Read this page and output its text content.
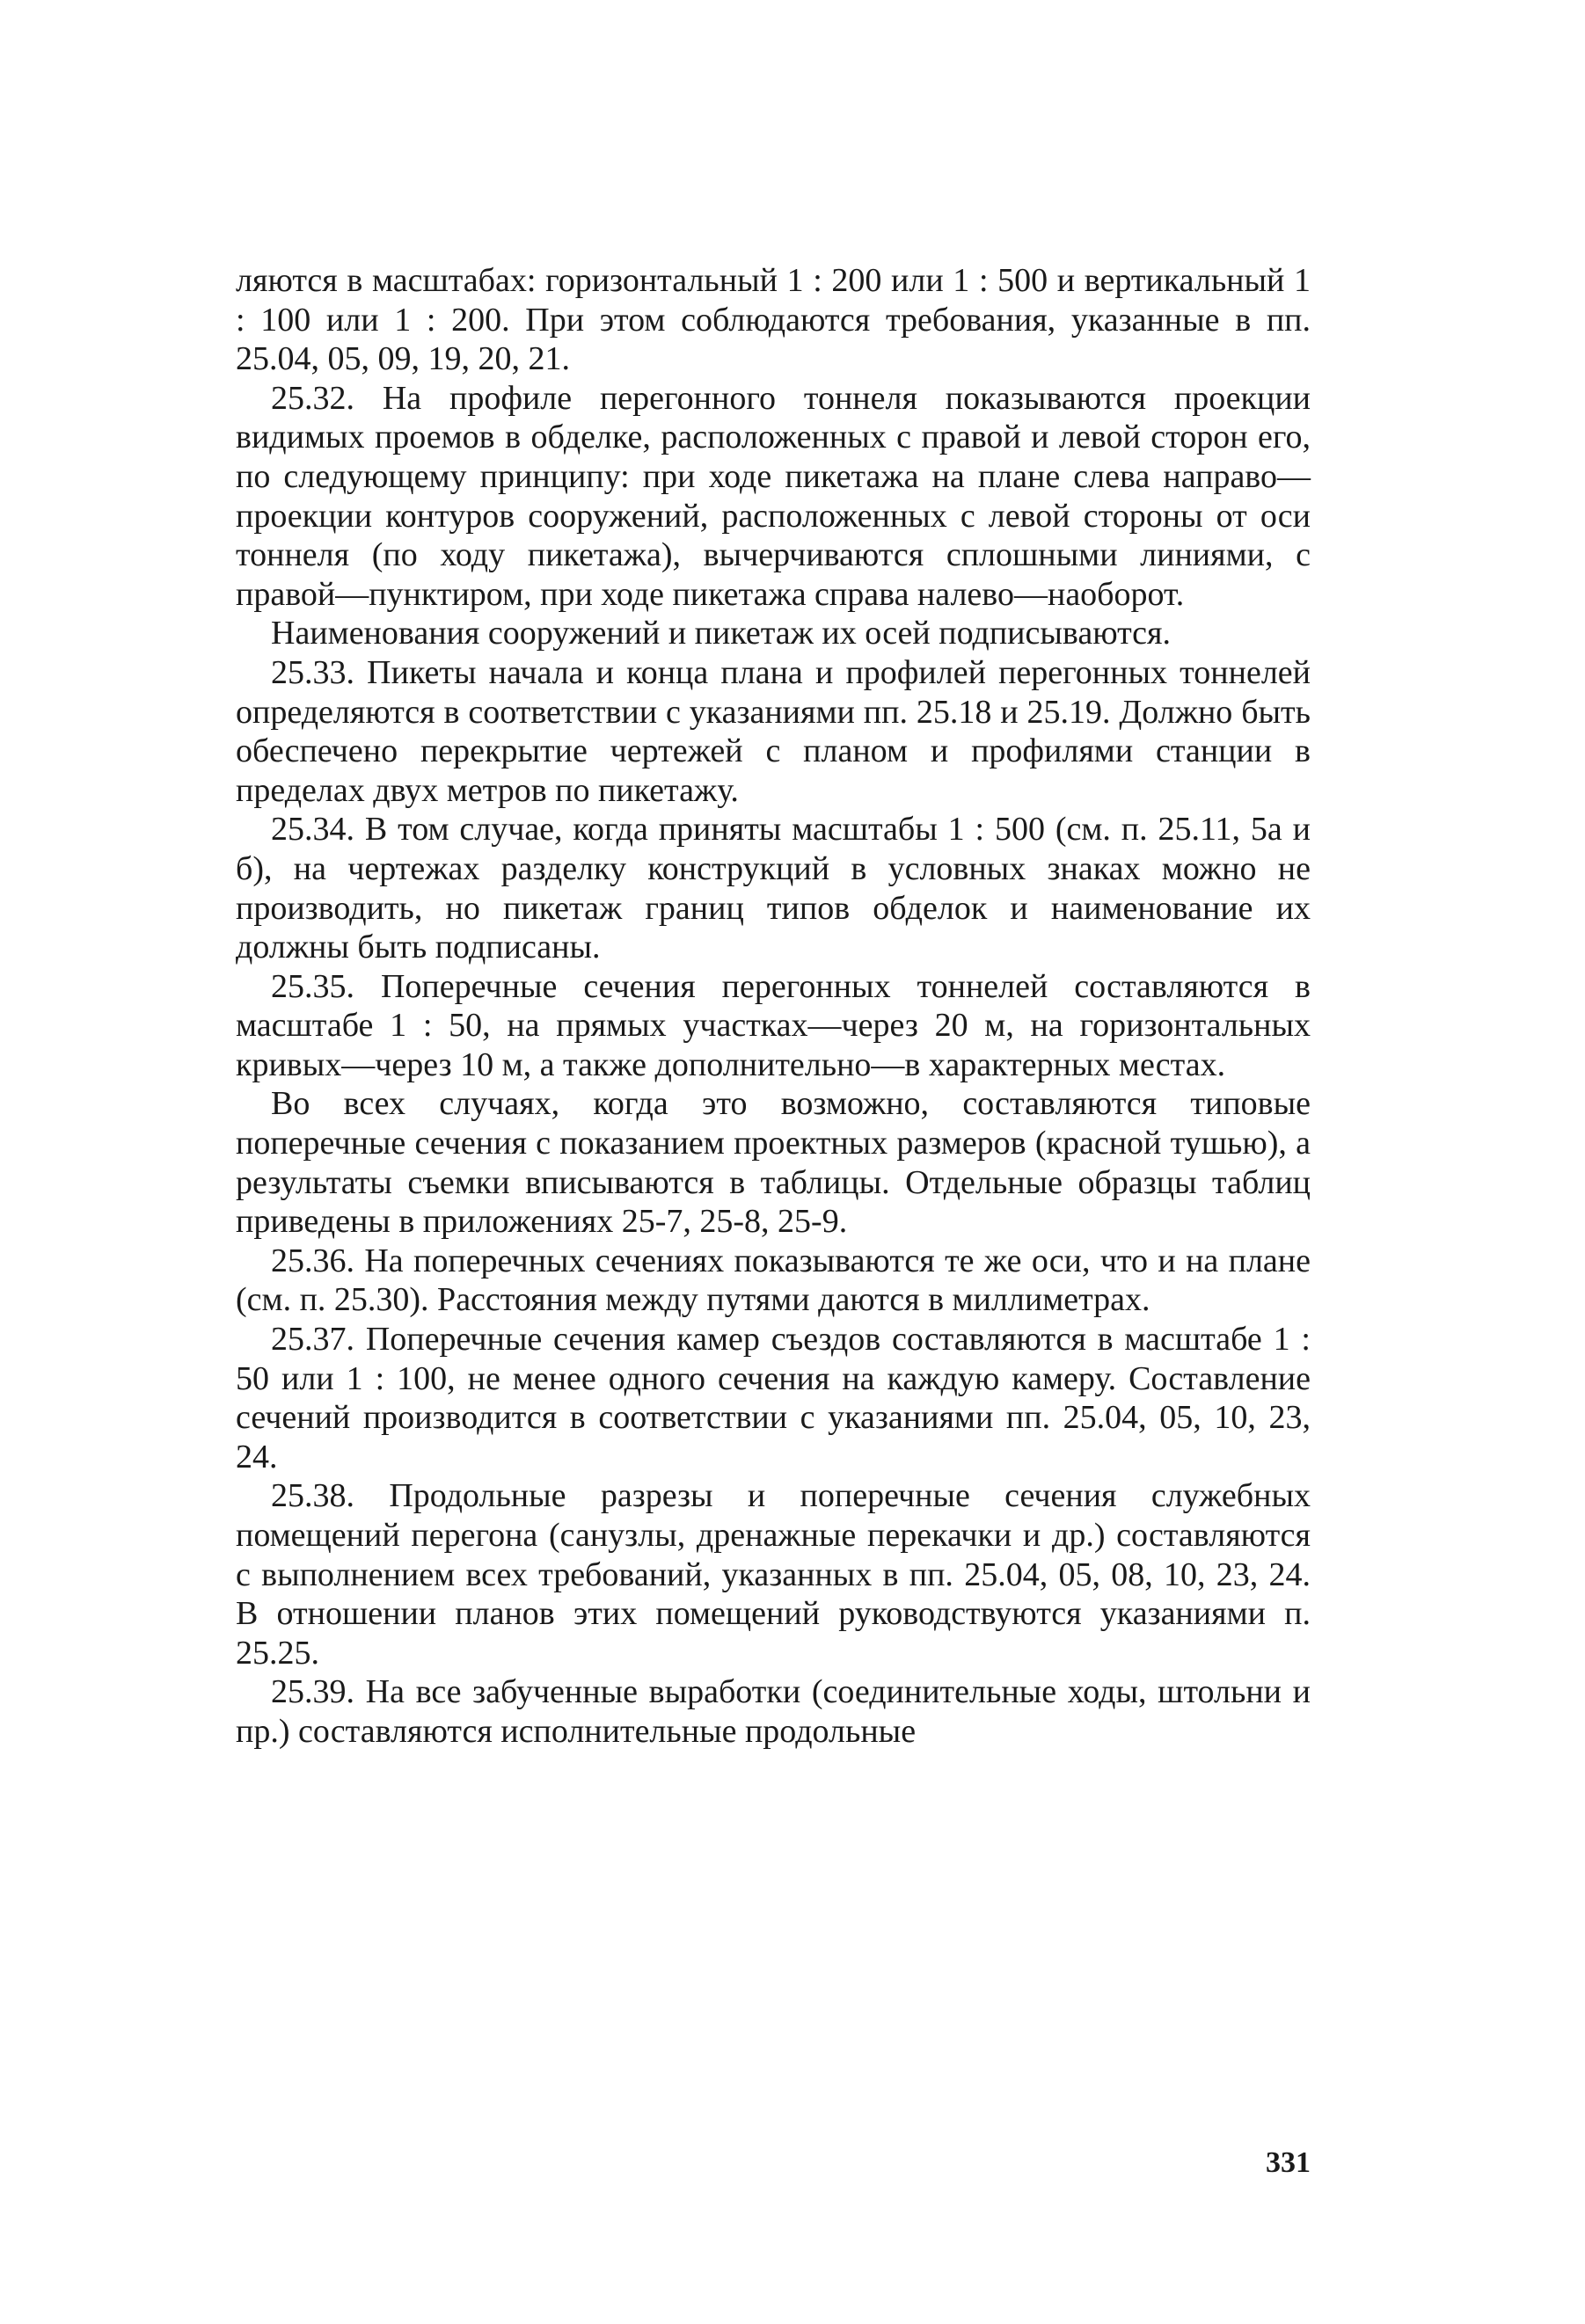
ляются в масштабах: горизонтальный 1 : 200 или 1 : 500 и вертикальный 1 : 100 или 1 : 200. При этом соблюдаются требования, указанные в пп. 25.04, 05, 09, 19, 20, 21.

25.32. На профиле перегонного тоннеля показываются проекции видимых проемов в обделке, расположенных с правой и левой сторон его, по следующему принципу: при ходе пикетажа на плане слева направо—проекции контуров сооружений, расположенных с левой стороны от оси тоннеля (по ходу пикетажа), вычерчиваются сплошными линиями, с правой—пунктиром, при ходе пикетажа справа налево—наоборот.

Наименования сооружений и пикетаж их осей подписываются.

25.33. Пикеты начала и конца плана и профилей перегонных тоннелей определяются в соответствии с указаниями пп. 25.18 и 25.19. Должно быть обеспечено перекрытие чертежей с планом и профилями станции в пределах двух метров по пикетажу.

25.34. В том случае, когда приняты масштабы 1 : 500 (см. п. 25.11, 5а и б), на чертежах разделку конструкций в условных знаках можно не производить, но пикетаж границ типов обделок и наименование их должны быть подписаны.

25.35. Поперечные сечения перегонных тоннелей составляются в масштабе 1 : 50, на прямых участках—через 20 м, на горизонтальных кривых—через 10 м, а также дополнительно—в характерных местах.

Во всех случаях, когда это возможно, составляются типовые поперечные сечения с показанием проектных размеров (красной тушью), а результаты съемки вписываются в таблицы. Отдельные образцы таблиц приведены в приложениях 25-7, 25-8, 25-9.

25.36. На поперечных сечениях показываются те же оси, что и на плане (см. п. 25.30). Расстояния между путями даются в миллиметрах.

25.37. Поперечные сечения камер съездов составляются в масштабе 1 : 50 или 1 : 100, не менее одного сечения на каждую камеру. Составление сечений производится в соответствии с указаниями пп. 25.04, 05, 10, 23, 24.

25.38. Продольные разрезы и поперечные сечения служебных помещений перегона (санузлы, дренажные перекачки и др.) составляются с выполнением всех требований, указанных в пп. 25.04, 05, 08, 10, 23, 24. В отношении планов этих помещений руководствуются указаниями п. 25.25.

25.39. На все забученные выработки (соединительные ходы, штольни и пр.) составляются исполнительные продольные

331
